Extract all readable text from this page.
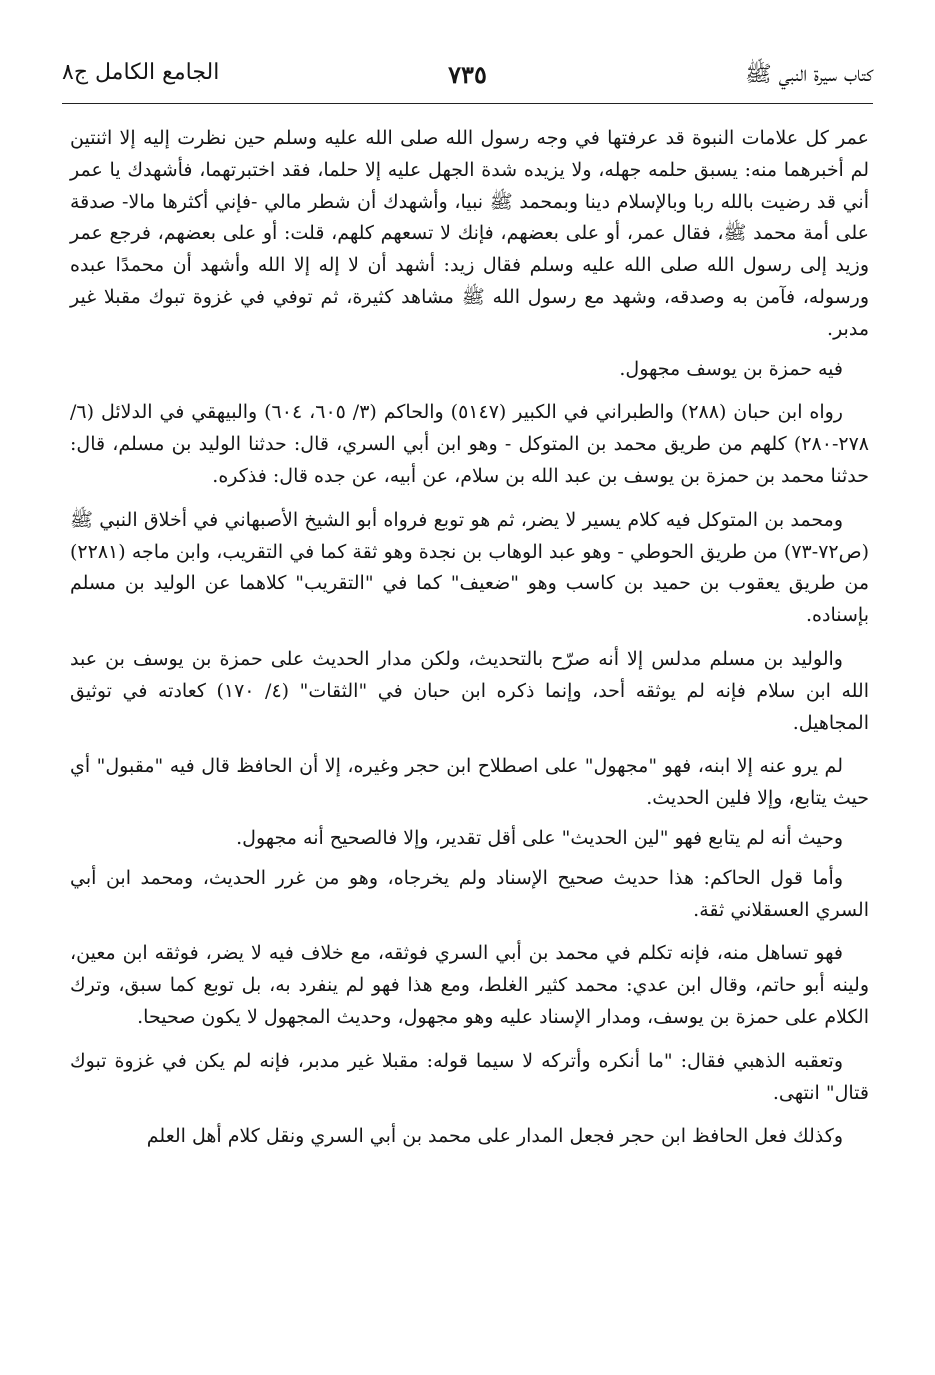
كتاب سيرة النبي ﷺ
٧٣٥
الجامع الكامل ج٨

عمر كل علامات النبوة قد عرفتها في وجه رسول الله صلى الله عليه وسلم حين نظرت إليه إلا اثنتين لم أخبرهما منه: يسبق حلمه جهله، ولا يزيده شدة الجهل عليه إلا حلما، فقد اختبرتهما، فأشهدك يا عمر أني قد رضيت بالله ربا وبالإسلام دينا وبمحمد ﷺ نبيا، وأشهدك أن شطر مالي -فإني أكثرها مالا- صدقة على أمة محمد ﷺ، فقال عمر، أو على بعضهم، فإنك لا تسعهم كلهم، قلت: أو على بعضهم، فرجع عمر وزيد إلى رسول الله صلى الله عليه وسلم فقال زيد: أشهد أن لا إله إلا الله وأشهد أن محمدًا عبده ورسوله، فآمن به وصدقه، وشهد مع رسول الله ﷺ مشاهد كثيرة، ثم توفي في غزوة تبوك مقبلا غير مدبر.

فيه حمزة بن يوسف مجهول.

رواه ابن حبان (٢٨٨) والطبراني في الكبير (٥١٤٧) والحاكم (٣/ ٦٠٥، ٦٠٤) والبيهقي في الدلائل (٦/ ٢٧٨-٢٨٠) كلهم من طريق محمد بن المتوكل - وهو ابن أبي السري، قال: حدثنا الوليد بن مسلم، قال: حدثنا محمد بن حمزة بن يوسف بن عبد الله بن سلام، عن أبيه، عن جده قال: فذكره.

ومحمد بن المتوكل فيه كلام يسير لا يضر، ثم هو توبع فرواه أبو الشيخ الأصبهاني في أخلاق النبي ﷺ (ص٧٢-٧٣) من طريق الحوطي - وهو عبد الوهاب بن نجدة وهو ثقة كما في التقريب، وابن ماجه (٢٢٨١) من طريق يعقوب بن حميد بن كاسب وهو "ضعيف" كما في "التقريب" كلاهما عن الوليد بن مسلم بإسناده.

والوليد بن مسلم مدلس إلا أنه صرّح بالتحديث، ولكن مدار الحديث على حمزة بن يوسف بن عبد الله ابن سلام فإنه لم يوثقه أحد، وإنما ذكره ابن حبان في "الثقات" (٤/ ١٧٠) كعادته في توثيق المجاهيل.

لم يرو عنه إلا ابنه، فهو "مجهول" على اصطلاح ابن حجر وغيره، إلا أن الحافظ قال فيه "مقبول" أي حيث يتابع، وإلا فلين الحديث.

وحيث أنه لم يتابع فهو "لين الحديث" على أقل تقدير، وإلا فالصحيح أنه مجهول.

وأما قول الحاكم: هذا حديث صحيح الإسناد ولم يخرجاه، وهو من غرر الحديث، ومحمد ابن أبي السري العسقلاني ثقة.

فهو تساهل منه، فإنه تكلم في محمد بن أبي السري فوثقه، مع خلاف فيه لا يضر، فوثقه ابن معين، ولينه أبو حاتم، وقال ابن عدي: محمد كثير الغلط، ومع هذا فهو لم ينفرد به، بل توبع كما سبق، وترك الكلام على حمزة بن يوسف، ومدار الإسناد عليه وهو مجهول، وحديث المجهول لا يكون صحيحا.

وتعقبه الذهبي فقال: "ما أنكره وأتركه لا سيما قوله: مقبلا غير مدبر، فإنه لم يكن في غزوة تبوك قتال" انتهى.

وكذلك فعل الحافظ ابن حجر فجعل المدار على محمد بن أبي السري ونقل كلام أهل العلم
